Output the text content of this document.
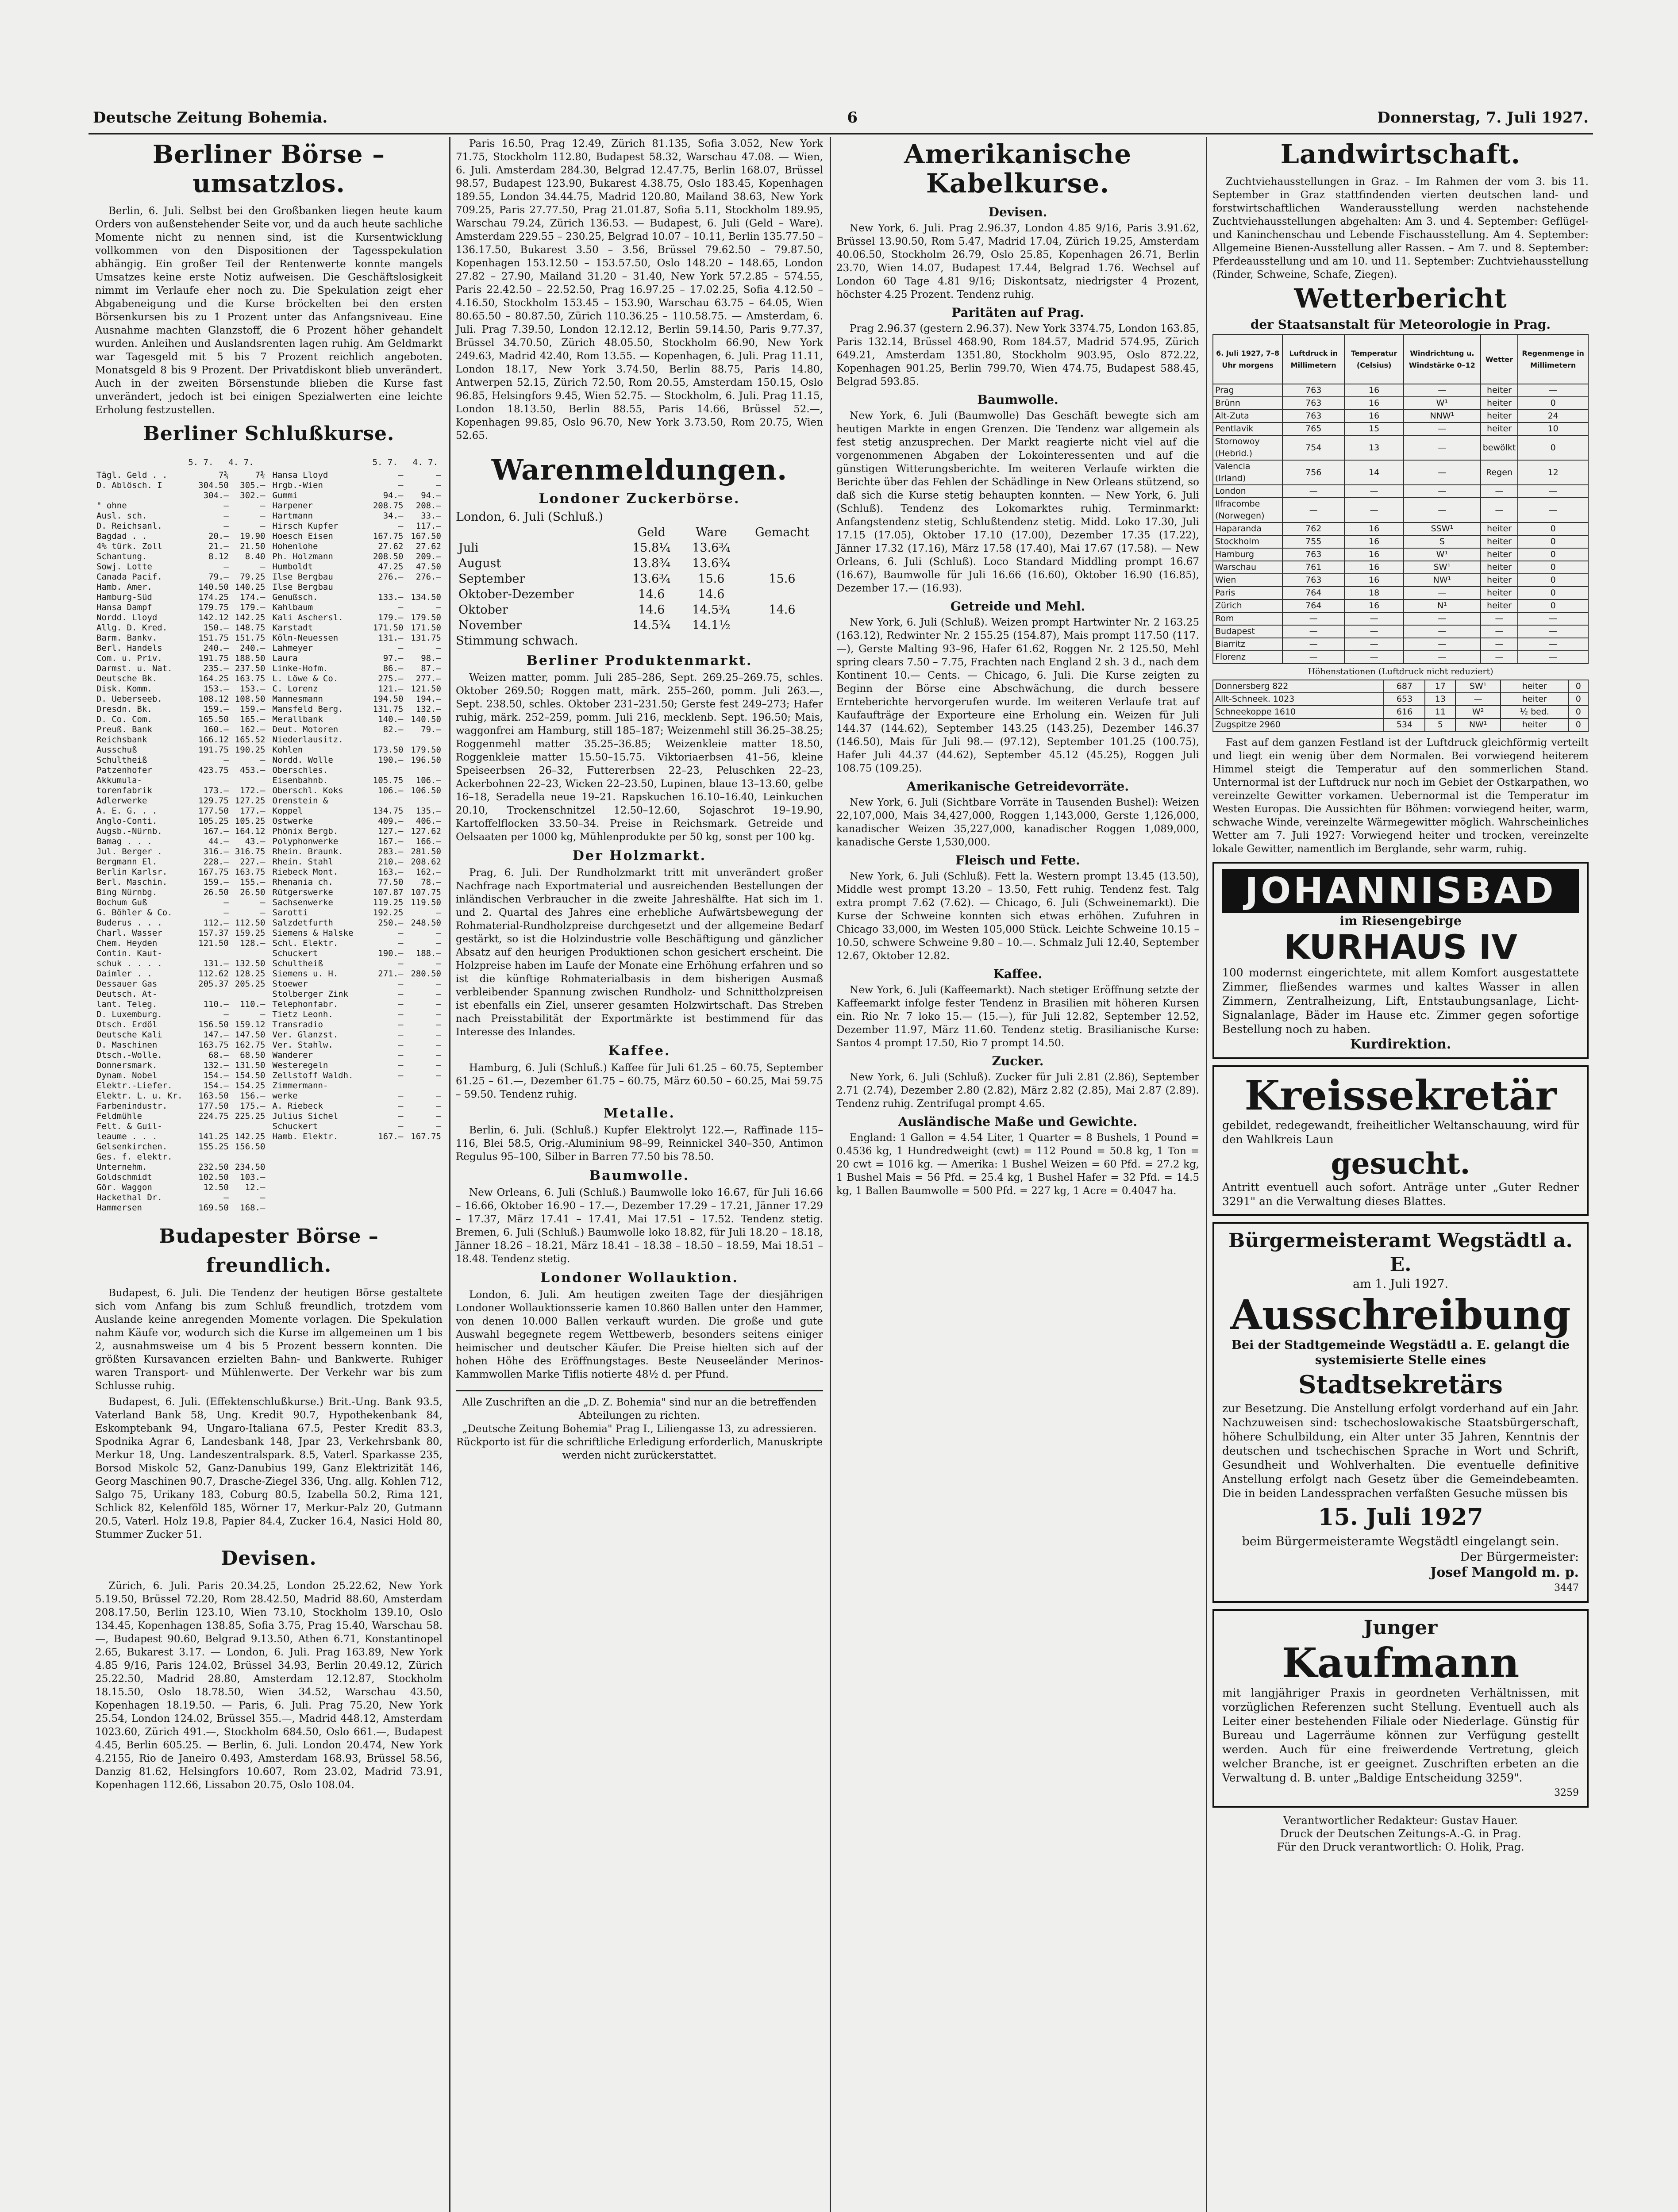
Deutsche Zeitung Bohemia.	6	Donnerstag, 7. Juli 1927.
Berliner Börse – umsatzlos.

Berlin, 6. Juli. Selbst bei den Großbanken liegen heute kaum Orders von außenstehender Seite vor, und da auch heute sachliche Momente nicht zu nennen sind, ist die Kursentwicklung vollkommen von den Dispositionen der Tagesspekulation abhängig. Ein großer Teil der Rentenwerte konnte mangels Umsatzes keine erste Notiz aufweisen. Die Geschäftslosigkeit nimmt im Verlaufe eher noch zu. Die Spekulation zeigt eher Abgabeneigung und die Kurse bröckelten bei den ersten Börsenkursen bis zu 1 Prozent unter das Anfangsniveau. Eine Ausnahme machten Glanzstoff, die 6 Prozent höher gehandelt wurden. Anleihen und Auslandsrenten lagen ruhig. Am Geldmarkt war Tagesgeld mit 5 bis 7 Prozent reichlich angeboten. Monatsgeld 8 bis 9 Prozent. Der Privatdiskont blieb unverändert. Auch in der zweiten Börsenstunde blieben die Kurse fast unverändert, jedoch ist bei einigen Spezialwerten eine leichte Erholung festzustellen.

Berliner Schlußkurse.
5. 7. 4. 7.	5. 7. 4. 7.
Tägl. Geld . .	7¾	7¾
D. Ablösch. I	304.50	305.—
	304.—	302.—
" ohne	—	—
Ausl. sch.	—	—
D. Reichsanl.	—	—
Bagdad . .	20.—	19.90
4% türk. Zoll	21.—	21.50
Schantung.	8.12	8.40
Sowj. Lotte	—	—
Canada Pacif.	79.—	79.25
Hamb. Amer.	140.50	140.25
Hamburg-Süd	174.25	174.—
Hansa Dampf	179.75	179.—
Nordd. Lloyd	142.12	142.25
Allg. D. Kred.	150.—	148.75
Barm. Bankv.	151.75	151.75
Berl. Handels	240.—	240.—
Com. u. Priv.	191.75	188.50
Darmst. u. Nat.	235.—	237.50
Deutsche Bk.	164.25	163.75
Disk. Komm.	153.—	153.—
D. Ueberseeb.	108.12	108.50
Dresdn. Bk.	159.—	159.—
D. Co. Com.	165.50	165.—
Preuß. Bank	160.—	162.—
Reichsbank	166.12	165.52
Ausschuß	191.75	190.25
Schultheiß	—	—
Patzenhofer	423.75	453.—
Akkumula-		
torenfabrik	173.—	172.—
Adlerwerke	129.75	127.25
A. E. G. . .	177.50	177.—
Anglo-Conti.	105.25	105.25
Augsb.-Nürnb.	167.—	164.12
Bamag . . .	44.—	43.—
Jul. Berger .	316.—	316.75
Bergmann El.	228.—	227.—
Berlin Karlsr.	167.75	163.75
Berl. Maschin.	159.—	155.—
Bing Nürnbg.	26.50	26.50
Bochum Guß	—	—
G. Böhler & Co.	—	—
Buderus . . .	112.—	112.50
Charl. Wasser	157.37	159.25
Chem. Heyden	121.50	128.—
Contin. Kaut-		
schuk . . . .	131.—	132.50
Daimler . .	112.62	128.25
Dessauer Gas	205.37	205.25
Deutsch. At-		
lant. Teleg.	110.—	110.—
D. Luxemburg.	—	—
Dtsch. Erdöl	156.50	159.12
Deutsche Kali	147.—	147.50
D. Maschinen	163.75	162.75
Dtsch.-Wolle.	68.—	68.50
Donnersmark.	132.—	131.50
Dynam. Nobel	154.—	154.50
Elektr.-Liefer.	154.—	154.25
Elektr. L. u. Kr.	163.50	156.—
Farbenindustr.	177.50	175.—
Feldmühle	224.75	225.25
Felt. & Guil-		
leaume . . .	141.25	142.25
Gelsenkirchen.	155.25	156.50
Ges. f. elektr.		
Unternehm.	232.50	234.50
Goldschmidt	102.50	103.—
Gör. Waggon	12.50	12.—
Hackethal Dr.	—	—
Hammersen	169.50	168.—
Hansa Lloyd	—	—
Hrgb.-Wien	—	—
Gummi	94.—	94.—
Harpener	208.75	208.—
Hartmann	34.—	33.—
Hirsch Kupfer	—	117.—
Hoesch Eisen	167.75	167.50
Hohenlohe	27.62	27.62
Ph. Holzmann	208.50	209.—
Humboldt	47.25	47.50
Ilse Bergbau	276.—	276.—
Ilse Bergbau		
Genußsch.	133.—	134.50
Kahlbaum	—	—
Kali Aschersl.	179.—	179.50
Karstadt	171.50	171.50
Köln-Neuessen	131.—	131.75
Lahmeyer	—	—
Laura	97.—	98.—
Linke-Hofm.	86.—	87.—
L. Löwe & Co.	275.—	277.—
C. Lorenz	121.—	121.50
Mannesmann	194.50	194.—
Mansfeld Berg.	131.75	132.—
Merallbank	140.—	140.50
Deut. Motoren	82.—	79.—
Niederlausitz.		
Kohlen	173.50	179.50
Nordd. Wolle	190.—	196.50
Oberschles.		
Eisenbahnb.	105.75	106.—
Oberschl. Koks	106.—	106.50
Orenstein &		
Koppel	134.75	135.—
Ostwerke	409.—	406.—
Phönix Bergb.	127.—	127.62
Polyphonwerke	167.—	166.—
Rhein. Braunk.	283.—	281.50
Rhein. Stahl	210.—	208.62
Riebeck Mont.	163.—	162.—
Rhenania ch.	77.50	78.—
Rütgerswerke	107.87	107.75
Sachsenwerke	119.25	119.50
Sarotti	192.25	—
Salzdetfurth	250.—	248.50
Siemens & Halske	—	—
Schl. Elektr.	—	—
Schuckert	190.—	188.—
Schultheiß	—	—
Siemens u. H.	271.—	280.50
Stoewer	—	—
Stolberger Zink	—	—
Telephonfabr.	—	—
Tietz Leonh.	—	—
Transradio	—	—
Ver. Glanzst.	—	—
Ver. Stahlw.	—	—
Wanderer	—	—
Westeregeln	—	—
Zellstoff Waldh.	—	—
Zimmermann-		
werke	—	—
A. Riebeck	—	—
Julius Sichel	—	—
Schuckert	—	—
Hamb. Elektr.	167.—	167.75
Budapester Börse – freundlich.

Budapest, 6. Juli. Die Tendenz der heutigen Börse gestaltete sich vom Anfang bis zum Schluß freundlich, trotzdem vom Auslande keine anregenden Momente vorlagen. Die Spekulation nahm Käufe vor, wodurch sich die Kurse im allgemeinen um 1 bis 2, ausnahmsweise um 4 bis 5 Prozent bessern konnten. Die größten Kursavancen erzielten Bahn- und Bankwerte. Ruhiger waren Transport- und Mühlenwerte. Der Verkehr war bis zum Schlusse ruhig.

Budapest, 6. Juli. (Effektenschlußkurse.) Brit.-Ung. Bank 93.5, Vaterland Bank 58, Ung. Kredit 90.7, Hypothekenbank 84, Eskomptebank 94, Ungaro-Italiana 67.5, Pester Kredit 83.3, Spodnika Agrar 6, Landesbank 148, Jpar 23, Verkehrsbank 80, Merkur 18, Ung. Landeszentralspark. 8.5, Vaterl. Sparkasse 235, Borsod Miskolc 52, Ganz-Danubius 199, Ganz Elektrizität 146, Georg Maschinen 90.7, Drasche-Ziegel 336, Ung. allg. Kohlen 712, Salgo 75, Urikany 183, Coburg 80.5, Izabella 50.2, Rima 121, Schlick 82, Kelenföld 185, Wörner 17, Merkur-Palz 20, Gutmann 20.5, Vaterl. Holz 19.8, Papier 84.4, Zucker 16.4, Nasici Hold 80, Stummer Zucker 51.

Devisen.

Zürich, 6. Juli. Paris 20.34.25, London 25.22.62, New York 5.19.50, Brüssel 72.20, Rom 28.42.50, Madrid 88.60, Amsterdam 208.17.50, Berlin 123.10, Wien 73.10, Stockholm 139.10, Oslo 134.45, Kopenhagen 138.85, Sofia 3.75, Prag 15.40, Warschau 58.—, Budapest 90.60, Belgrad 9.13.50, Athen 6.71, Konstantinopel 2.65, Bukarest 3.17. — London, 6. Juli. Prag 163.89, New York 4.85 9/16, Paris 124.02, Brüssel 34.93, Berlin 20.49.12, Zürich 25.22.50, Madrid 28.80, Amsterdam 12.12.87, Stockholm 18.15.50, Oslo 18.78.50, Wien 34.52, Warschau 43.50, Kopenhagen 18.19.50. — Paris, 6. Juli. Prag 75.20, New York 25.54, London 124.02, Brüssel 355.—, Madrid 448.12, Amsterdam 1023.60, Zürich 491.—, Stockholm 684.50, Oslo 661.—, Budapest 4.45, Berlin 605.25. — Berlin, 6. Juli. London 20.474, New York 4.2155, Rio de Janeiro 0.493, Amsterdam 168.93, Brüssel 58.56, Danzig 81.62, Helsingfors 10.607, Rom 23.02, Madrid 73.91, Kopenhagen 112.66, Lissabon 20.75, Oslo 108.04.

Paris 16.50, Prag 12.49, Zürich 81.135, Sofia 3.052, New York 71.75, Stockholm 112.80, Budapest 58.32, Warschau 47.08. — Wien, 6. Juli. Amsterdam 284.30, Belgrad 12.47.75, Berlin 168.07, Brüssel 98.57, Budapest 123.90, Bukarest 4.38.75, Oslo 183.45, Kopenhagen 189.55, London 34.44.75, Madrid 120.80, Mailand 38.63, New York 709.25, Paris 27.77.50, Prag 21.01.87, Sofia 5.11, Stockholm 189.95, Warschau 79.24, Zürich 136.53. — Budapest, 6. Juli (Geld – Ware). Amsterdam 229.55 – 230.25, Belgrad 10.07 – 10.11, Berlin 135.77.50 – 136.17.50, Bukarest 3.50 – 3.56, Brüssel 79.62.50 – 79.87.50, Kopenhagen 153.12.50 – 153.57.50, Oslo 148.20 – 148.65, London 27.82 – 27.90, Mailand 31.20 – 31.40, New York 57.2.85 – 574.55, Paris 22.42.50 – 22.52.50, Prag 16.97.25 – 17.02.25, Sofia 4.12.50 – 4.16.50, Stockholm 153.45 – 153.90, Warschau 63.75 – 64.05, Wien 80.65.50 – 80.87.50, Zürich 110.36.25 – 110.58.75. — Amsterdam, 6. Juli. Prag 7.39.50, London 12.12.12, Berlin 59.14.50, Paris 9.77.37, Brüssel 34.70.50, Zürich 48.05.50, Stockholm 66.90, New York 249.63, Madrid 42.40, Rom 13.55. — Kopenhagen, 6. Juli. Prag 11.11, London 18.17, New York 3.74.50, Berlin 88.75, Paris 14.80, Antwerpen 52.15, Zürich 72.50, Rom 20.55, Amsterdam 150.15, Oslo 96.85, Helsingfors 9.45, Wien 52.75. — Stockholm, 6. Juli. Prag 11.15, London 18.13.50, Berlin 88.55, Paris 14.66, Brüssel 52.—, Kopenhagen 99.85, Oslo 96.70, New York 3.73.50, Rom 20.75, Wien 52.65.

Warenmeldungen.
Londoner Zuckerbörse.
London, 6. Juli (Schluß.)
	Geld	Ware	Gemacht
Juli	15.8¼	13.6¾	
August	13.8¾	13.6¾	
September	13.6¾	15.6	15.6
Oktober-Dezember	14.6	14.6	
Oktober	14.6	14.5¾	14.6
November	14.5¾	14.1½	
Stimmung schwach.
Berliner Produktenmarkt.

Weizen matter, pomm. Juli 285–286, Sept. 269.25–269.75, schles. Oktober 269.50; Roggen matt, märk. 255–260, pomm. Juli 263.—, Sept. 238.50, schles. Oktober 231–231.50; Gerste fest 249–273; Hafer ruhig, märk. 252–259, pomm. Juli 216, mecklenb. Sept. 196.50; Mais, waggonfrei am Hamburg, still 185–187; Weizenmehl still 36.25–38.25; Roggenmehl matter 35.25–36.85; Weizenkleie matter 18.50, Roggenkleie matter 15.50–15.75. Viktoriaerbsen 41–56, kleine Speiseerbsen 26–32, Futtererbsen 22–23, Peluschken 22–23, Ackerbohnen 22–23, Wicken 22–23.50, Lupinen, blaue 13–13.60, gelbe 16–18, Seradella neue 19–21. Rapskuchen 16.10–16.40, Leinkuchen 20.10, Trockenschnitzel 12.50–12.60, Sojaschrot 19–19.90, Kartoffelflocken 33.50–34. Preise in Reichsmark. Getreide und Oelsaaten per 1000 kg, Mühlenprodukte per 50 kg, sonst per 100 kg.

Der Holzmarkt.

Prag, 6. Juli. Der Rundholzmarkt tritt mit unverändert großer Nachfrage nach Exportmaterial und ausreichenden Bestellungen der inländischen Verbraucher in die zweite Jahreshälfte. Hat sich im 1. und 2. Quartal des Jahres eine erhebliche Aufwärtsbewegung der Rohmaterial-Rundholzpreise durchgesetzt und der allgemeine Bedarf gestärkt, so ist die Holzindustrie volle Beschäftigung und gänzlicher Absatz auf den heurigen Produktionen schon gesichert erscheint. Die Holzpreise haben im Laufe der Monate eine Erhöhung erfahren und so ist die künftige Rohmaterialbasis in dem bisherigen Ausmaß verbleibender Spannung zwischen Rundholz- und Schnittholzpreisen ist ebenfalls ein Ziel, unserer gesamten Holzwirtschaft. Das Streben nach Preisstabilität der Exportmärkte ist bestimmend für das Interesse des Inlandes.

Kaffee.

Hamburg, 6. Juli (Schluß.) Kaffee für Juli 61.25 – 60.75, September 61.25 – 61.—, Dezember 61.75 – 60.75, März 60.50 – 60.25, Mai 59.75 – 59.50. Tendenz ruhig.

Metalle.

Berlin, 6. Juli. (Schluß.) Kupfer Elektrolyt 122.—, Raffinade 115–116, Blei 58.5, Orig.-Aluminium 98–99, Reinnickel 340–350, Antimon Regulus 95–100, Silber in Barren 77.50 bis 78.50.

Baumwolle.

New Orleans, 6. Juli (Schluß.) Baumwolle loko 16.67, für Juli 16.66 – 16.66, Oktober 16.90 – 17.—, Dezember 17.29 – 17.21, Jänner 17.29 – 17.37, März 17.41 – 17.41, Mai 17.51 – 17.52. Tendenz stetig. Bremen, 6. Juli (Schluß.) Baumwolle loko 18.82, für Juli 18.20 – 18.18, Jänner 18.26 – 18.21, März 18.41 – 18.38 – 18.50 – 18.59, Mai 18.51 – 18.48. Tendenz stetig.

Londoner Wollauktion.

London, 6. Juli. Am heutigen zweiten Tage der diesjährigen Londoner Wollauktionsserie kamen 10.860 Ballen unter den Hammer, von denen 10.000 Ballen verkauft wurden. Die große und gute Auswahl begegnete regem Wettbewerb, besonders seitens einiger heimischer und deutscher Käufer. Die Preise hielten sich auf der hohen Höhe des Eröffnungstages. Beste Neuseeländer Merinos-Kammwollen Marke Tiflis notierte 48½ d. per Pfund.

Alle Zuschriften an die „D. Z. Bohemia" sind nur an die betreffenden Abteilungen zu richten.
„Deutsche Zeitung Bohemia" Prag I., Liliengasse 13, zu adressieren. Rückporto ist für die schriftliche Erledigung erforderlich, Manuskripte werden nicht zurückerstattet.
Amerikanische Kabelkurse.
Devisen.

New York, 6. Juli. Prag 2.96.37, London 4.85 9/16, Paris 3.91.62, Brüssel 13.90.50, Rom 5.47, Madrid 17.04, Zürich 19.25, Amsterdam 40.06.50, Stockholm 26.79, Oslo 25.85, Kopenhagen 26.71, Berlin 23.70, Wien 14.07, Budapest 17.44, Belgrad 1.76. Wechsel auf London 60 Tage 4.81 9/16; Diskontsatz, niedrigster 4 Prozent, höchster 4.25 Prozent. Tendenz ruhig.

Paritäten auf Prag.

Prag 2.96.37 (gestern 2.96.37). New York 3374.75, London 163.85, Paris 132.14, Brüssel 468.90, Rom 184.57, Madrid 574.95, Zürich 649.21, Amsterdam 1351.80, Stockholm 903.95, Oslo 872.22, Kopenhagen 901.25, Berlin 799.70, Wien 474.75, Budapest 588.45, Belgrad 593.85.

Baumwolle.

New York, 6. Juli (Baumwolle) Das Geschäft bewegte sich am heutigen Markte in engen Grenzen. Die Tendenz war allgemein als fest stetig anzusprechen. Der Markt reagierte nicht viel auf die vorgenommenen Abgaben der Lokointeressenten und auf die günstigen Witterungsberichte. Im weiteren Verlaufe wirkten die Berichte über das Fehlen der Schädlinge in New Orleans stützend, so daß sich die Kurse stetig behaupten konnten. — New York, 6. Juli (Schluß). Tendenz des Lokomarktes ruhig. Terminmarkt: Anfangstendenz stetig, Schlußtendenz stetig. Midd. Loko 17.30, Juli 17.15 (17.05), Oktober 17.10 (17.00), Dezember 17.35 (17.22), Jänner 17.32 (17.16), März 17.58 (17.40), Mai 17.67 (17.58). — New Orleans, 6. Juli (Schluß). Loco Standard Middling prompt 16.67 (16.67), Baumwolle für Juli 16.66 (16.60), Oktober 16.90 (16.85), Dezember 17.— (16.93).

Getreide und Mehl.

New York, 6. Juli (Schluß). Weizen prompt Hartwinter Nr. 2 163.25 (163.12), Redwinter Nr. 2 155.25 (154.87), Mais prompt 117.50 (117.—), Gerste Malting 93–96, Hafer 61.62, Roggen Nr. 2 125.50, Mehl spring clears 7.50 – 7.75, Frachten nach England 2 sh. 3 d., nach dem Kontinent 10.— Cents. — Chicago, 6. Juli. Die Kurse zeigten zu Beginn der Börse eine Abschwächung, die durch bessere Ernteberichte hervorgerufen wurde. Im weiteren Verlaufe trat auf Kaufaufträge der Exporteure eine Erholung ein. Weizen für Juli 144.37 (144.62), September 143.25 (143.25), Dezember 146.37 (146.50), Mais für Juli 98.— (97.12), September 101.25 (100.75), Hafer Juli 44.37 (44.62), September 45.12 (45.25), Roggen Juli 108.75 (109.25).

Amerikanische Getreidevorräte.

New York, 6. Juli (Sichtbare Vorräte in Tausenden Bushel): Weizen 22,107,000, Mais 34,427,000, Roggen 1,143,000, Gerste 1,126,000, kanadischer Weizen 35,227,000, kanadischer Roggen 1,089,000, kanadische Gerste 1,530,000.

Fleisch und Fette.

New York, 6. Juli (Schluß). Fett la. Western prompt 13.45 (13.50), Middle west prompt 13.20 – 13.50, Fett ruhig. Tendenz fest. Talg extra prompt 7.62 (7.62). — Chicago, 6. Juli (Schweinemarkt). Die Kurse der Schweine konnten sich etwas erhöhen. Zufuhren in Chicago 33,000, im Westen 105,000 Stück. Leichte Schweine 10.15 – 10.50, schwere Schweine 9.80 – 10.—. Schmalz Juli 12.40, September 12.67, Oktober 12.82.

Kaffee.

New York, 6. Juli (Kaffeemarkt). Nach stetiger Eröffnung setzte der Kaffeemarkt infolge fester Tendenz in Brasilien mit höheren Kursen ein. Rio Nr. 7 loko 15.— (15.—), für Juli 12.82, September 12.52, Dezember 11.97, März 11.60. Tendenz stetig. Brasilianische Kurse: Santos 4 prompt 17.50, Rio 7 prompt 14.50.

Zucker.

New York, 6. Juli (Schluß). Zucker für Juli 2.81 (2.86), September 2.71 (2.74), Dezember 2.80 (2.82), März 2.82 (2.85), Mai 2.87 (2.89). Tendenz ruhig. Zentrifugal prompt 4.65.

Ausländische Maße und Gewichte.

England: 1 Gallon = 4.54 Liter, 1 Quarter = 8 Bushels, 1 Pound = 0.4536 kg, 1 Hundredweight (cwt) = 112 Pound = 50.8 kg, 1 Ton = 20 cwt = 1016 kg. — Amerika: 1 Bushel Weizen = 60 Pfd. = 27.2 kg, 1 Bushel Mais = 56 Pfd. = 25.4 kg, 1 Bushel Hafer = 32 Pfd. = 14.5 kg, 1 Ballen Baumwolle = 500 Pfd. = 227 kg, 1 Acre = 0.4047 ha.

Landwirtschaft.

Zuchtviehausstellungen in Graz. – Im Rahmen der vom 3. bis 11. September in Graz stattfindenden vierten deutschen land- und forstwirtschaftlichen Wanderausstellung werden nachstehende Zuchtviehausstellungen abgehalten: Am 3. und 4. September: Geflügel- und Kaninchenschau und Lebende Fischausstellung. Am 4. September: Allgemeine Bienen-Ausstellung aller Rassen. – Am 7. und 8. September: Pferdeausstellung und am 10. und 11. September: Zuchtviehausstellung (Rinder, Schweine, Schafe, Ziegen).

Wetterbericht
der Staatsanstalt für Meteorologie in Prag.
6. Juli 1927, 7–8 Uhr morgens	Luftdruck in Millimetern	Temperatur (Celsius)	Windrichtung u. Windstärke 0–12	Wetter	Regenmenge in Millimetern
Prag	763	16	—	heiter	—
Brünn	763	16	W¹	heiter	0
Alt-Zuta	763	16	NNW¹	heiter	24
Pentlavik	765	15	—	heiter	10
Stornowoy (Hebrid.)	754	13	—	bewölkt	0
Valencia (Irland)	756	14	—	Regen	12
London	—	—	—	—	—
Ilfracombe (Norwegen)	—	—	—	—	—
Haparanda	762	16	SSW¹	heiter	0
Stockholm	755	16	S	heiter	0
Hamburg	763	16	W¹	heiter	0
Warschau	761	16	SW¹	heiter	0
Wien	763	16	NW¹	heiter	0
Paris	764	18	—	heiter	0
Zürich	764	16	N¹	heiter	0
Rom	—	—	—	—	—
Budapest	—	—	—	—	—
Biarritz	—	—	—	—	—
Florenz	—	—	—	—	—
Höhenstationen (Luftdruck nicht reduziert)
Donnersberg 822	687	17	SW¹	heiter	0
Allt-Schneek. 1023	653	13	—	heiter	0
Schneekoppe 1610	616	11	W²	½ bed.	0
Zugspitze 2960	534	5	NW¹	heiter	0

Fast auf dem ganzen Festland ist der Luftdruck gleichförmig verteilt und liegt ein wenig über dem Normalen. Bei vorwiegend heiterem Himmel steigt die Temperatur auf den sommerlichen Stand. Unternormal ist der Luftdruck nur noch im Gebiet der Ostkarpathen, wo vereinzelte Gewitter vorkamen. Uebernormal ist die Temperatur im Westen Europas. Die Aussichten für Böhmen: vorwiegend heiter, warm, schwache Winde, vereinzelte Wärmegewitter möglich. Wahrscheinliches Wetter am 7. Juli 1927: Vorwiegend heiter und trocken, vereinzelte lokale Gewitter, namentlich im Berglande, sehr warm, ruhig.

JOHANNISBAD
im Riesengebirge
KURHAUS IV
100 modernst eingerichtete, mit allem Komfort ausgestattete Zimmer, fließendes warmes und kaltes Wasser in allen Zimmern, Zentralheizung, Lift, Entstaubungsanlage, Licht-Signalanlage, Bäder im Hause etc. Zimmer gegen sofortige Bestellung noch zu haben.
Kurdirektion.
Kreissekretär
gebildet, redegewandt, freiheitlicher Weltanschauung, wird für den Wahlkreis Laun
gesucht.
Antritt eventuell auch sofort. Anträge unter „Guter Redner 3291" an die Verwaltung dieses Blattes.
Bürgermeisteramt Wegstädtl a. E.
am 1. Juli 1927.
Ausschreibung
Bei der Stadtgemeinde Wegstädtl a. E. gelangt die systemisierte Stelle eines
Stadtsekretärs
zur Besetzung. Die Anstellung erfolgt vorderhand auf ein Jahr. Nachzuweisen sind: tschechoslowakische Staatsbürgerschaft, höhere Schulbildung, ein Alter unter 35 Jahren, Kenntnis der deutschen und tschechischen Sprache in Wort und Schrift, Gesundheit und Wohlverhalten. Die eventuelle definitive Anstellung erfolgt nach Gesetz über die Gemeindebeamten. Die in beiden Landessprachen verfaßten Gesuche müssen bis
15. Juli 1927
beim Bürgermeisteramte Wegstädtl eingelangt sein.
Der Bürgermeister:
Josef Mangold m. p.
3447
Junger
Kaufmann
mit langjähriger Praxis in geordneten Verhältnissen, mit vorzüglichen Referenzen sucht Stellung. Eventuell auch als Leiter einer bestehenden Filiale oder Niederlage. Günstig für Bureau und Lagerräume können zur Verfügung gestellt werden. Auch für eine freiwerdende Vertretung, gleich welcher Branche, ist er geeignet. Zuschriften erbeten an die Verwaltung d. B. unter „Baldige Entscheidung 3259".
3259
Verantwortlicher Redakteur: Gustav Hauer.
Druck der Deutschen Zeitungs-A.-G. in Prag.
Für den Druck verantwortlich: O. Holik, Prag.
